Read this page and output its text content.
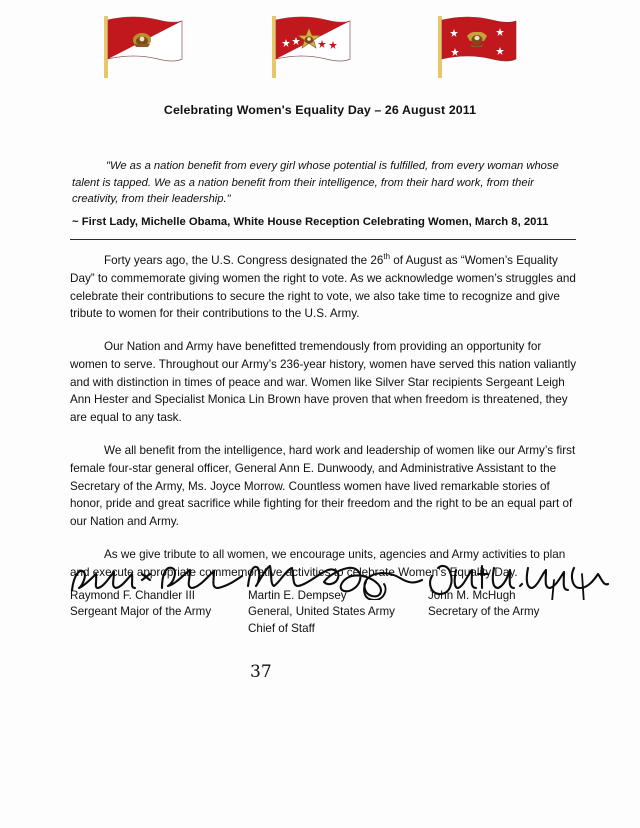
Celebrating Women's Equality Day – 26 August 2011
"We as a nation benefit from every girl whose potential is fulfilled, from every woman whose talent is tapped. We as a nation benefit from their intelligence, from their hard work, from their creativity, from their leadership."
~ First Lady, Michelle Obama, White House Reception Celebrating Women, March 8, 2011

Forty years ago, the U.S. Congress designated the 26th of August as “Women’s Equality Day” to commemorate giving women the right to vote. As we acknowledge women’s struggles and celebrate their contributions to secure the right to vote, we also take time to recognize and give tribute to women for their contributions to the U.S. Army.

Our Nation and Army have benefitted tremendously from providing an opportunity for women to serve. Throughout our Army’s 236-year history, women have served this nation valiantly and with distinction in times of peace and war. Women like Silver Star recipients Sergeant Leigh Ann Hester and Specialist Monica Lin Brown have proven that when freedom is threatened, they are equal to any task.

We all benefit from the intelligence, hard work and leadership of women like our Army’s first female four-star general officer, General Ann E. Dunwoody, and Administrative Assistant to the Secretary of the Army, Ms. Joyce Morrow. Countless women have lived remarkable stories of honor, pride and great sacrifice while fighting for their freedom and the right to be an equal part of our Nation and Army.

As we give tribute to all women, we encourage units, agencies and Army activities to plan and execute appropriate commemorative activities to celebrate Women’s Equality Day.

Raymond F. Chandler III
Sergeant Major of the Army
Martin E. Dempsey
General, United States Army
Chief of Staff
John M. McHugh
Secretary of the Army
37
